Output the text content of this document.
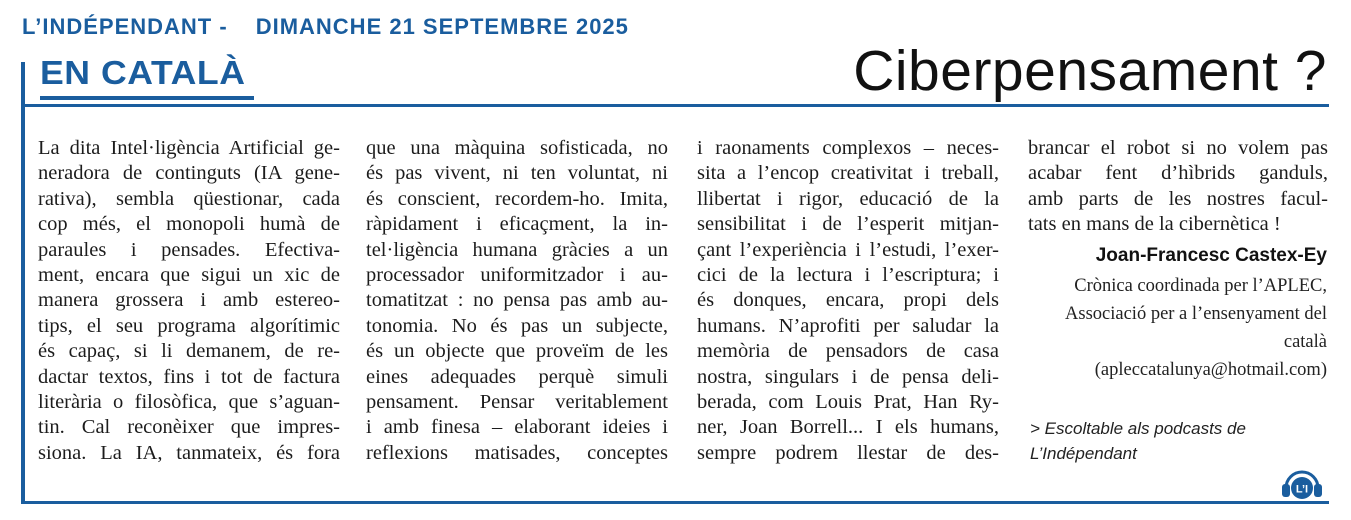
L’INDÉPENDANT - DIMANCHE 21 SEPTEMBRE 2025
EN CATALÀ	Ciberpensament ?
La dita Intel·ligència Artificial ge-
neradora de continguts (IA gene-
rativa), sembla qüestionar, cada
cop més, el monopoli humà de
paraules i pensades. Efectiva-
ment, encara que sigui un xic de
manera grossera i amb estereo-
tips, el seu programa algorítimic
és capaç, si li demanem, de re-
dactar textos, fins i tot de factura
literària o filosòfica, que s’aguan-
tin. Cal reconèixer que impres-
siona. La IA, tanmateix, és fora
que una màquina sofisticada, no
és pas vivent, ni ten voluntat, ni
és conscient, recordem-ho. Imita,
ràpidament i eficaçment, la in-
tel·ligència humana gràcies a un
processador uniformitzador i au-
tomatitzat : no pensa pas amb au-
tonomia. No és pas un subjecte,
és un objecte que proveïm de les
eines adequades perquè simuli
pensament. Pensar veritablement
i amb finesa – elaborant ideies i
reflexions matisades, conceptes
i raonaments complexos – neces-
sita a l’encop creativitat i treball,
llibertat i rigor, educació de la
sensibilitat i de l’esperit mitjan-
çant l’experiència i l’estudi, l’exer-
cici de la lectura i l’escriptura; i
és donques, encara, propi dels
humans. N’aprofiti per saludar la
memòria de pensadors de casa
nostra, singulars i de pensa deli-
berada, com Louis Prat, Han Ry-
ner, Joan Borrell... I els humans,
sempre podrem llestar de des-
brancar el robot si no volem pas
acabar fent d’hìbrids ganduls,
amb parts de les nostres facul-
tats en mans de la cibernètica !
Joan-Francesc Castex-Ey
Crònica coordinada per l’APLEC,
Associació per a l’ensenyament del
català
(apleccatalunya@hotmail.com)
> Escoltable als podcasts de
L’Indépendant
L’I
